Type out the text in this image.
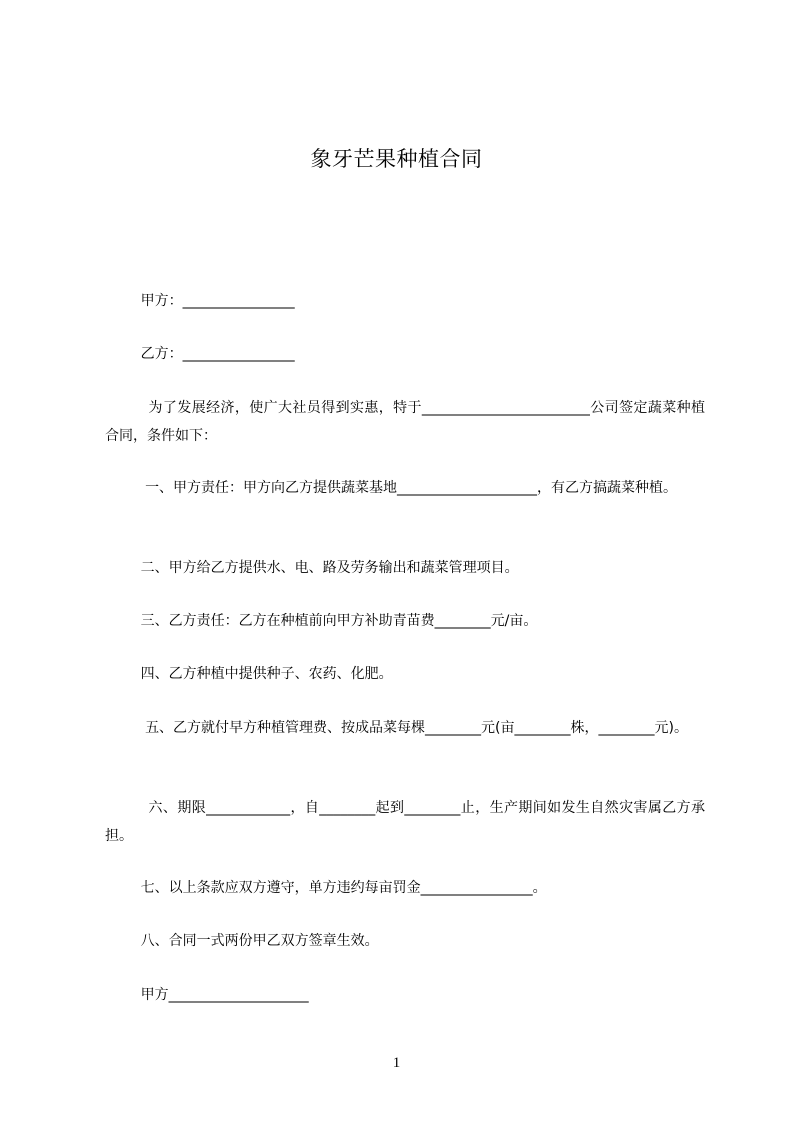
象牙芒果种植合同
甲方：________________
乙方：________________
为了发展经济，使广大社员得到实惠，特于________________________公司签定蔬菜种植合同，条件如下：
一、甲方责任：甲方向乙方提供蔬菜基地____________________，有乙方搞蔬菜种植。
二、甲方给乙方提供水、电、路及劳务输出和蔬菜管理项目。
三、乙方责任：乙方在种植前向甲方补助青苗费________元/亩。
四、乙方种植中提供种子、农药、化肥。
五、乙方就付早方种植管理费、按成品菜每棵________元(亩________株，________元)。
六、期限____________，自________起到________止，生产期间如发生自然灾害属乙方承担。
七、以上条款应双方遵守，单方违约每亩罚金________________。
八、合同一式两份甲乙双方签章生效。
甲方____________________
1
